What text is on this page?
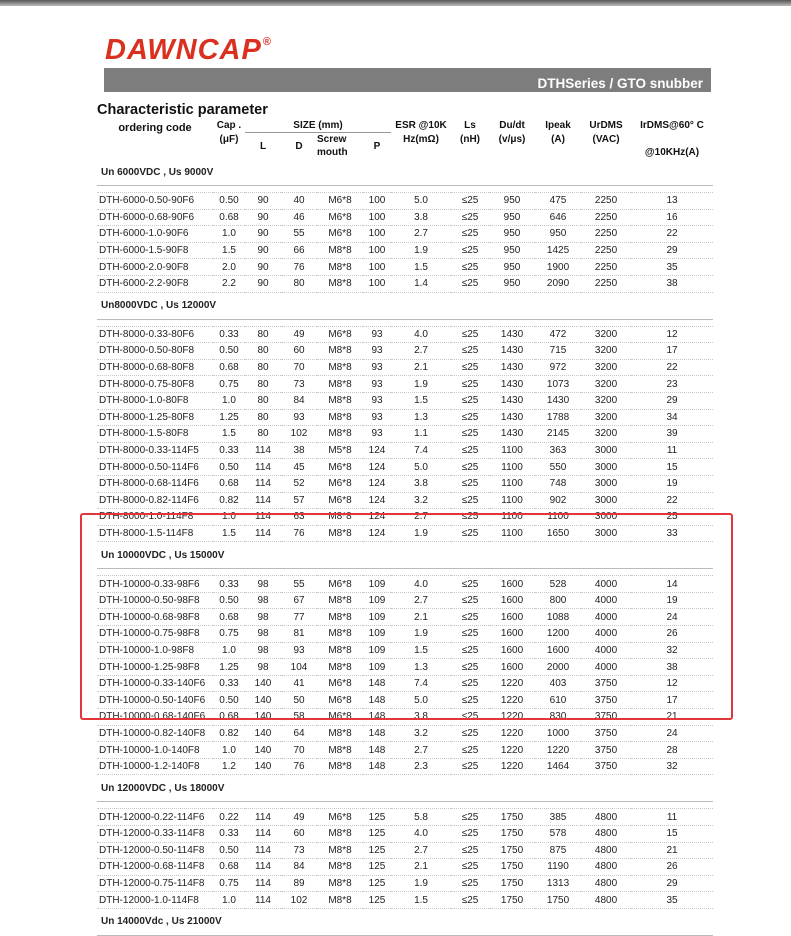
DAWNCAP®
DTHSeries / GTO snubber
Characteristic parameter
ordering code	Cap .	SIZE (mm)				ESR @10K	Ls	Du/dt	Ipeak	UrDMS	IrDMS@60° C
	(μF)	L	D	Screw mouth	P	Hz(mΩ)	(nH)	(v/μs)	(A)	(VAC)	@10KHz(A)
Un 6000VDC , Us 9000V											

DTH-6000-0.50-90F6	0.50	90	40	M6*8	100	5.0	≤25	950	475	2250	13
DTH-6000-0.68-90F6	0.68	90	46	M6*8	100	3.8	≤25	950	646	2250	16
DTH-6000-1.0-90F6	1.0	90	55	M6*8	100	2.7	≤25	950	950	2250	22
DTH-6000-1.5-90F8	1.5	90	66	M8*8	100	1.9	≤25	950	1425	2250	29
DTH-6000-2.0-90F8	2.0	90	76	M8*8	100	1.5	≤25	950	1900	2250	35
DTH-6000-2.2-90F8	2.2	90	80	M8*8	100	1.4	≤25	950	2090	2250	38
Un8000VDC , Us 12000V											

DTH-8000-0.33-80F6	0.33	80	49	M6*8	93	4.0	≤25	1430	472	3200	12
DTH-8000-0.50-80F8	0.50	80	60	M8*8	93	2.7	≤25	1430	715	3200	17
DTH-8000-0.68-80F8	0.68	80	70	M8*8	93	2.1	≤25	1430	972	3200	22
DTH-8000-0.75-80F8	0.75	80	73	M8*8	93	1.9	≤25	1430	1073	3200	23
DTH-8000-1.0-80F8	1.0	80	84	M8*8	93	1.5	≤25	1430	1430	3200	29
DTH-8000-1.25-80F8	1.25	80	93	M8*8	93	1.3	≤25	1430	1788	3200	34
DTH-8000-1.5-80F8	1.5	80	102	M8*8	93	1.1	≤25	1430	2145	3200	39
DTH-8000-0.33-114F5	0.33	114	38	M5*8	124	7.4	≤25	1100	363	3000	11
DTH-8000-0.50-114F6	0.50	114	45	M6*8	124	5.0	≤25	1100	550	3000	15
DTH-8000-0.68-114F6	0.68	114	52	M6*8	124	3.8	≤25	1100	748	3000	19
DTH-8000-0.82-114F6	0.82	114	57	M6*8	124	3.2	≤25	1100	902	3000	22
DTH-8000-1.0-114F8	1.0	114	63	M8*8	124	2.7	≤25	1100	1100	3000	25
DTH-8000-1.5-114F8	1.5	114	76	M8*8	124	1.9	≤25	1100	1650	3000	33
Un 10000VDC , Us 15000V											

DTH-10000-0.33-98F6	0.33	98	55	M6*8	109	4.0	≤25	1600	528	4000	14
DTH-10000-0.50-98F8	0.50	98	67	M8*8	109	2.7	≤25	1600	800	4000	19
DTH-10000-0.68-98F8	0.68	98	77	M8*8	109	2.1	≤25	1600	1088	4000	24
DTH-10000-0.75-98F8	0.75	98	81	M8*8	109	1.9	≤25	1600	1200	4000	26
DTH-10000-1.0-98F8	1.0	98	93	M8*8	109	1.5	≤25	1600	1600	4000	32
DTH-10000-1.25-98F8	1.25	98	104	M8*8	109	1.3	≤25	1600	2000	4000	38
DTH-10000-0.33-140F6	0.33	140	41	M6*8	148	7.4	≤25	1220	403	3750	12
DTH-10000-0.50-140F6	0.50	140	50	M6*8	148	5.0	≤25	1220	610	3750	17
DTH-10000-0.68-140F6	0.68	140	58	M6*8	148	3.8	≤25	1220	830	3750	21
DTH-10000-0.82-140F8	0.82	140	64	M8*8	148	3.2	≤25	1220	1000	3750	24
DTH-10000-1.0-140F8	1.0	140	70	M8*8	148	2.7	≤25	1220	1220	3750	28
DTH-10000-1.2-140F8	1.2	140	76	M8*8	148	2.3	≤25	1220	1464	3750	32
Un 12000VDC , Us 18000V											

DTH-12000-0.22-114F6	0.22	114	49	M6*8	125	5.8	≤25	1750	385	4800	11
DTH-12000-0.33-114F8	0.33	114	60	M8*8	125	4.0	≤25	1750	578	4800	15
DTH-12000-0.50-114F8	0.50	114	73	M8*8	125	2.7	≤25	1750	875	4800	21
DTH-12000-0.68-114F8	0.68	114	84	M8*8	125	2.1	≤25	1750	1190	4800	26
DTH-12000-0.75-114F8	0.75	114	89	M8*8	125	1.9	≤25	1750	1313	4800	29
DTH-12000-1.0-114F8	1.0	114	102	M8*8	125	1.5	≤25	1750	1750	4800	35
Un 14000Vdc , Us 21000V											
